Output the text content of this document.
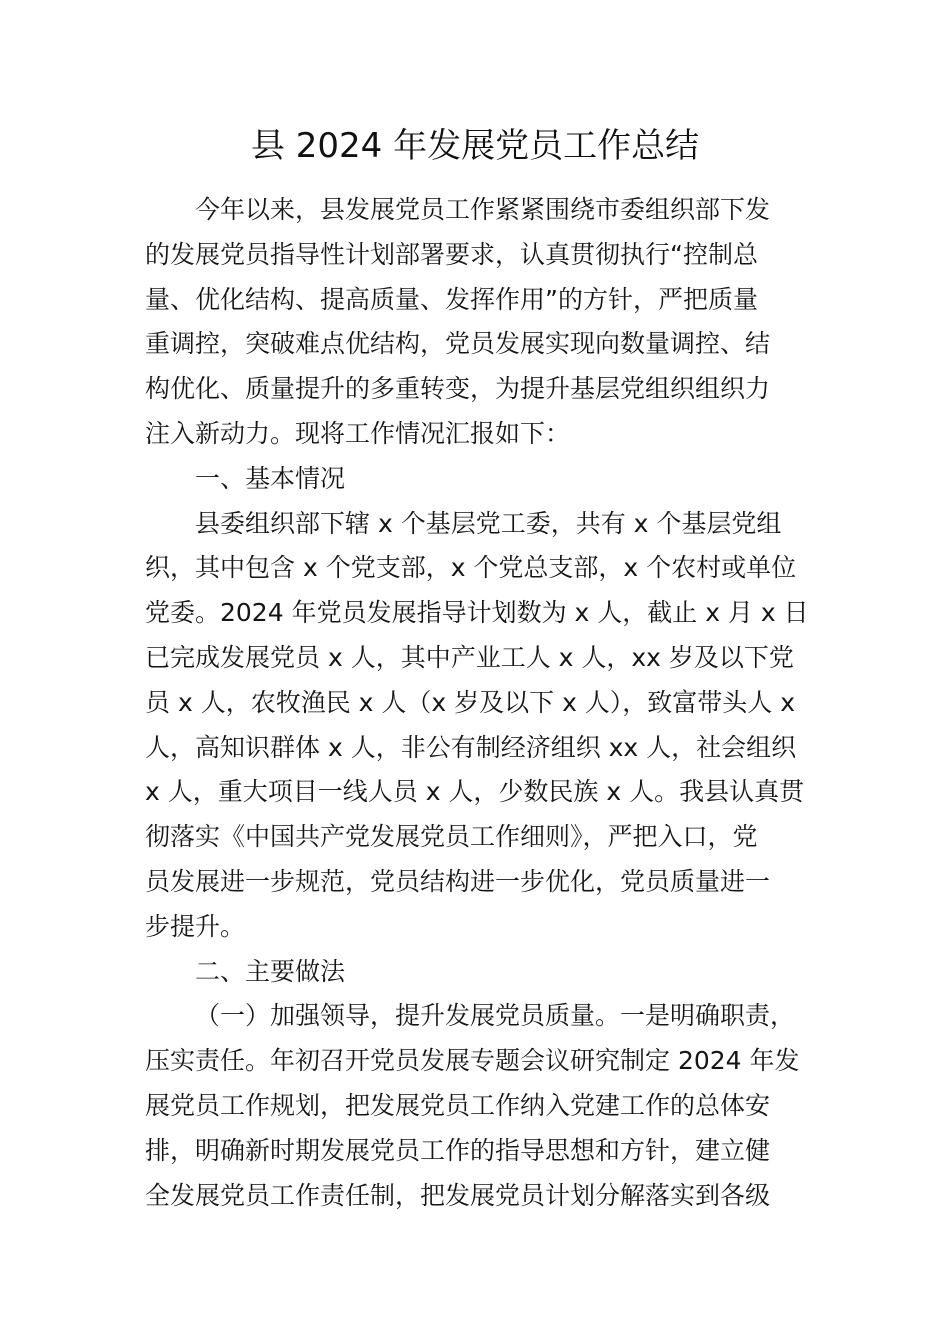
县 2024 年发展党员工作总结
今年以来，县发展党员工作紧紧围绕市委组织部下发
的发展党员指导性计划部署要求，认真贯彻执行“控制总
量、优化结构、提高质量、发挥作用”的方针，严把质量
重调控，突破难点优结构，党员发展实现向数量调控、结
构优化、质量提升的多重转变，为提升基层党组织组织力
注入新动力。现将工作情况汇报如下：
一、基本情况
县委组织部下辖 x 个基层党工委，共有 x 个基层党组
织，其中包含 x 个党支部，x 个党总支部，x 个农村或单位
党委。2024 年党员发展指导计划数为 x 人，截止 x 月 x 日
已完成发展党员 x 人，其中产业工人 x 人，xx 岁及以下党
员 x 人，农牧渔民 x 人（x 岁及以下 x 人），致富带头人 x
人，高知识群体 x 人，非公有制经济组织 xx 人，社会组织
x 人，重大项目一线人员 x 人，少数民族 x 人。我县认真贯
彻落实《中国共产党发展党员工作细则》，严把入口，党
员发展进一步规范，党员结构进一步优化，党员质量进一
步提升。
二、主要做法
（一）加强领导，提升发展党员质量。一是明确职责，
压实责任。年初召开党员发展专题会议研究制定 2024 年发
展党员工作规划，把发展党员工作纳入党建工作的总体安
排，明确新时期发展党员工作的指导思想和方针，建立健
全发展党员工作责任制，把发展党员计划分解落实到各级
